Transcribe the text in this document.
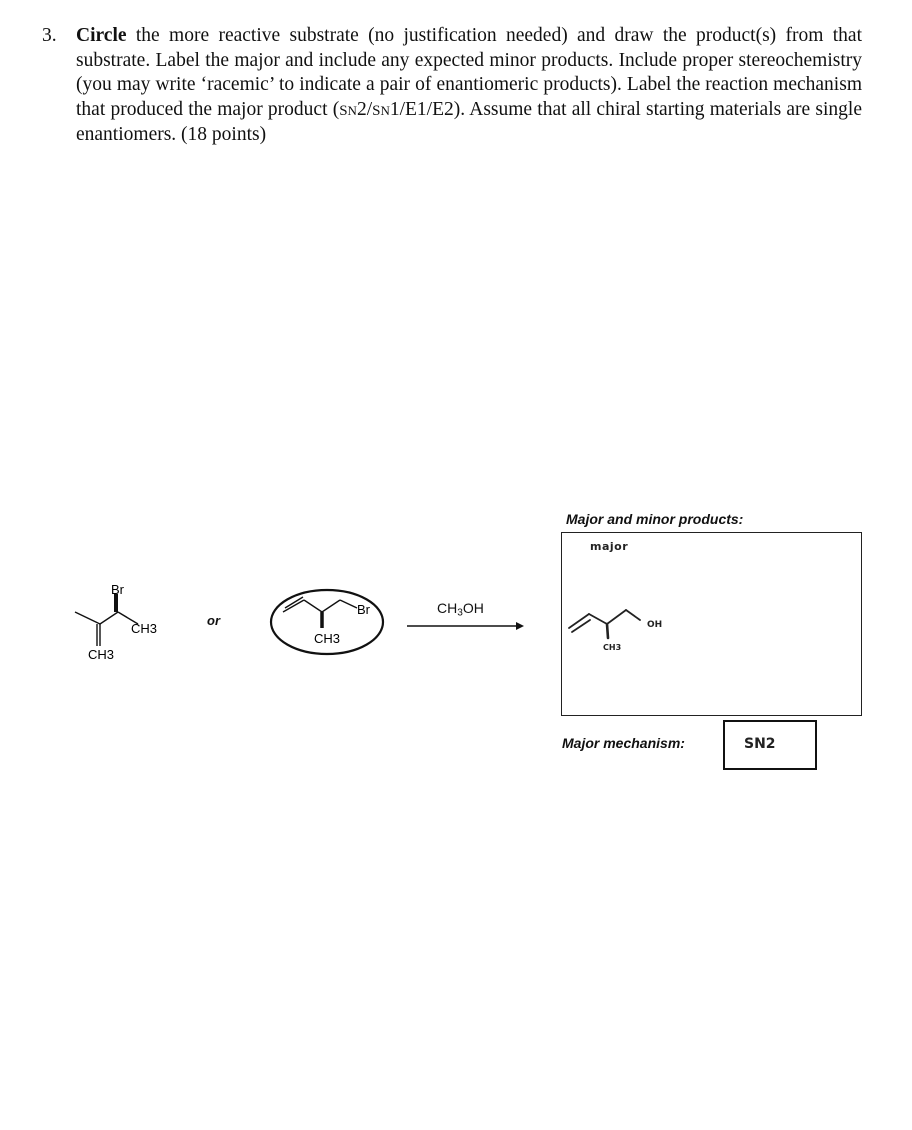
3. Circle the more reactive substrate (no justification needed) and draw the product(s) from that substrate. Label the major and include any expected minor products. Include proper stereochemistry (you may write ‘racemic’ to indicate a pair of enantiomeric products). Label the reaction mechanism that produced the major product (SN2/SN1/E1/E2). Assume that all chiral starting materials are single enantiomers. (18 points)
Br
CH3
CH3
Br
CH3
or
$CH_3OH$
Major and minor products:
major
OH
CH3
Major mechanism:	SN2
